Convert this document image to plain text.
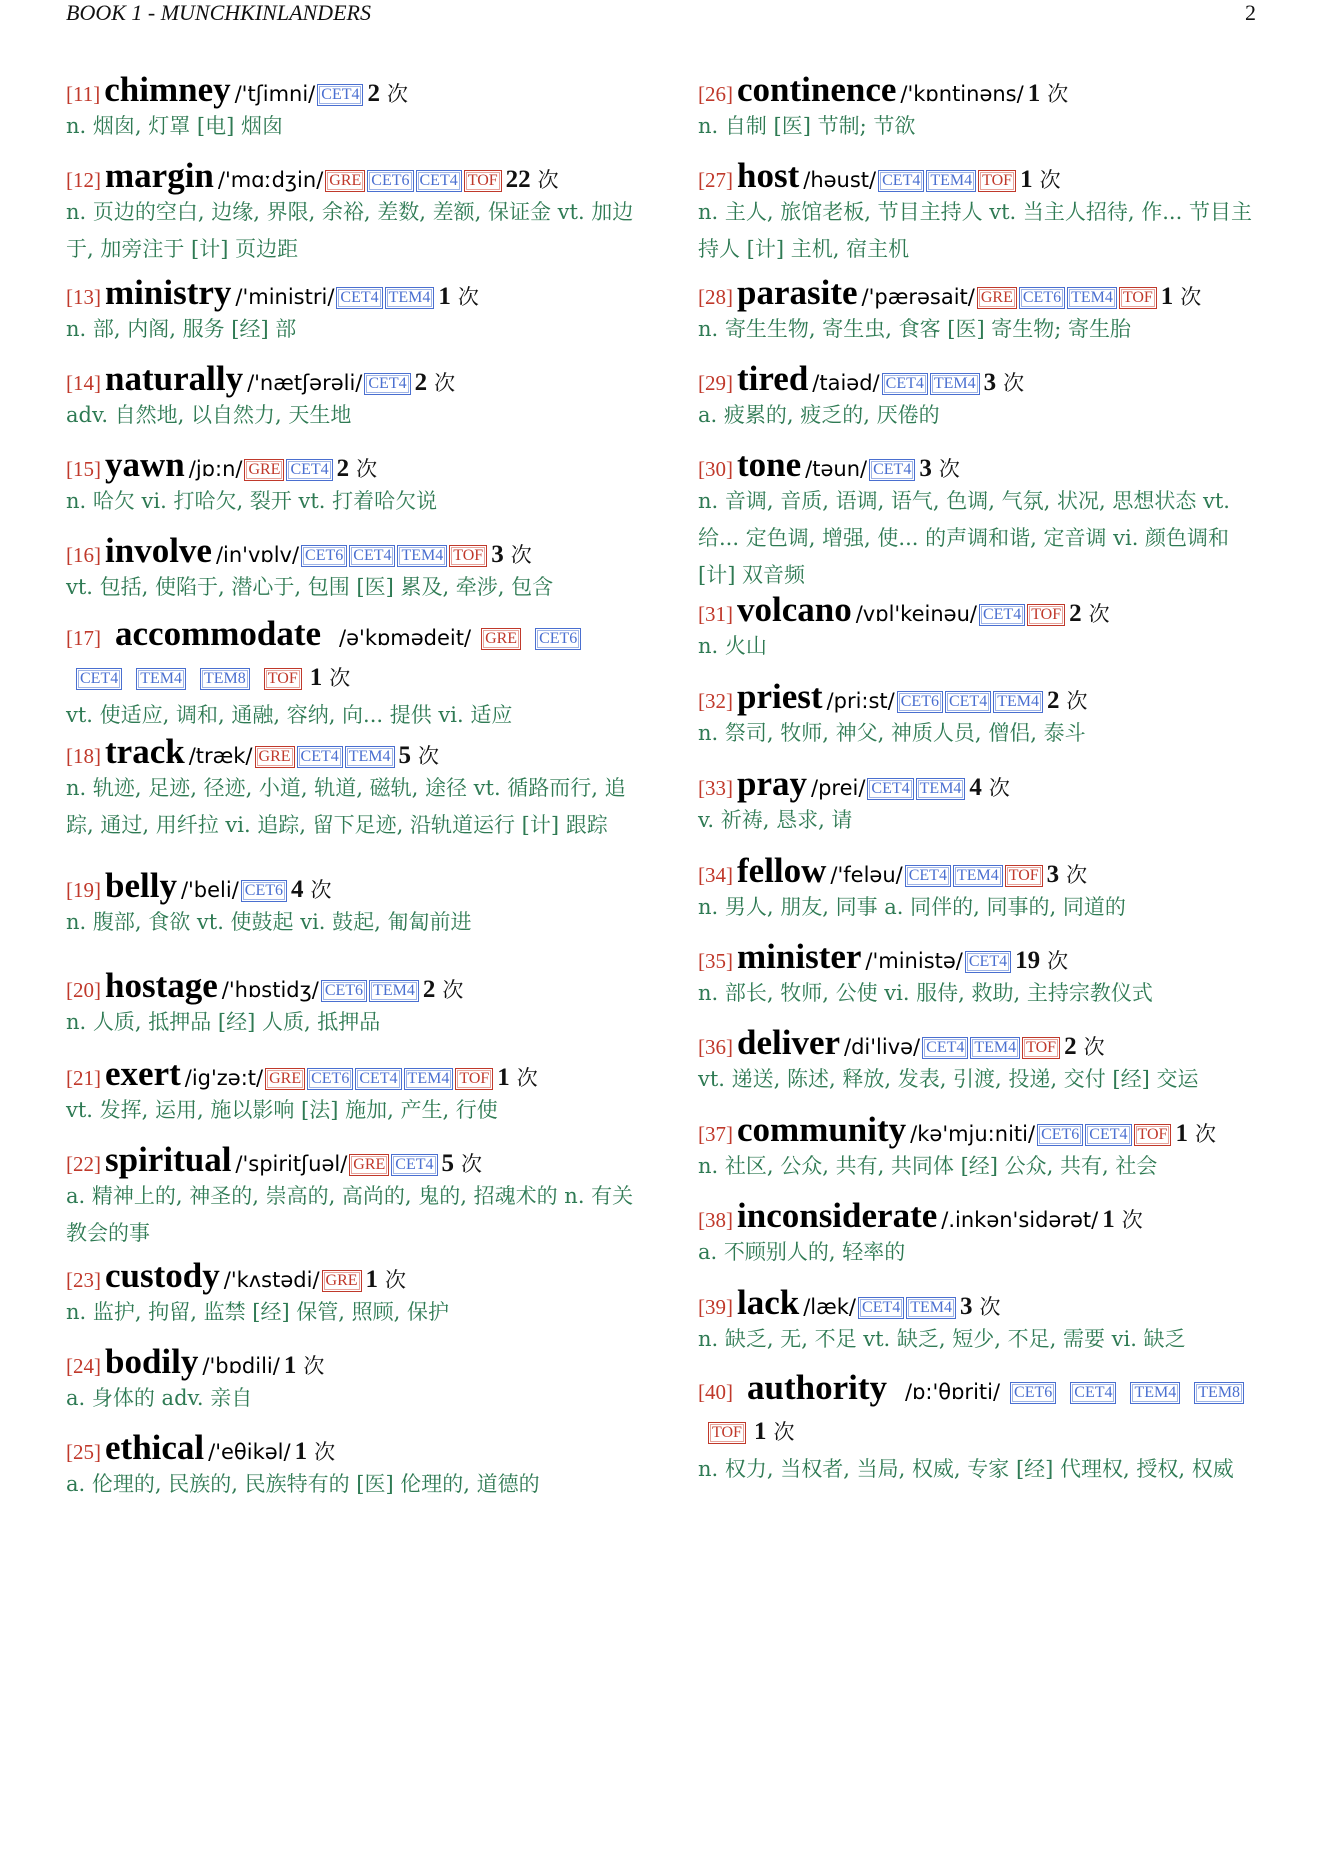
BOOK 1 - MUNCHKINLANDERS	2
[11] chimney /'tʃimni/ CET4 2 次
n. 烟囱, 灯罩 [电] 烟囱
[12] margin /'mɑːdʒin/ GRE CET6 CET4 TOF 22 次
n. 页边的空白, 边缘, 界限, 余裕, 差数, 差额, 保证金 vt. 加边于, 加旁注于 [计] 页边距
[13] ministry /'ministri/ CET4 TEM4 1 次
n. 部, 内阁, 服务 [经] 部
[14] naturally /'nætʃərəli/ CET4 2 次
adv. 自然地, 以自然力, 天生地
[15] yawn /jɒ:n/ GRE CET4 2 次
n. 哈欠 vi. 打哈欠, 裂开 vt. 打着哈欠说
[16] involve /in'vɒlv/ CET6 CET4 TEM4 TOF 3 次
vt. 包括, 使陷于, 潜心于, 包围 [医] 累及, 牵涉, 包含
[17] accommodate /ə'kɒmədeit/ GRE CET6CET4 TEM4 TEM8 TOF 1 次
vt. 使适应, 调和, 通融, 容纳, 向... 提供 vi. 适应
[18] track /træk/ GRE CET4 TEM4 5 次
n. 轨迹, 足迹, 径迹, 小道, 轨道, 磁轨, 途径 vt. 循路而行, 追踪, 通过, 用纤拉 vi. 追踪, 留下足迹, 沿轨道运行 [计] 跟踪
[19] belly /'beli/ CET6 4 次
n. 腹部, 食欲 vt. 使鼓起 vi. 鼓起, 匍匐前进
[20] hostage /'hɒstidʒ/ CET6 TEM4 2 次
n. 人质, 抵押品 [经] 人质, 抵押品
[21] exert /ig'zə:t/ GRE CET6 CET4 TEM4 TOF 1 次
vt. 发挥, 运用, 施以影响 [法] 施加, 产生, 行使
[22] spiritual /'spiritʃuəl/ GRE CET4 5 次
a. 精神上的, 神圣的, 崇高的, 高尚的, 鬼的, 招魂术的 n. 有关教会的事
[23] custody /'kʌstədi/ GRE 1 次
n. 监护, 拘留, 监禁 [经] 保管, 照顾, 保护
[24] bodily /'bɒdili/ 1 次
a. 身体的 adv. 亲自
[25] ethical /'eθikəl/ 1 次
a. 伦理的, 民族的, 民族特有的 [医] 伦理的, 道德的
[26] continence /'kɒntinəns/ 1 次
n. 自制 [医] 节制; 节欲
[27] host /həust/ CET4 TEM4 TOF 1 次
n. 主人, 旅馆老板, 节目主持人 vt. 当主人招待, 作... 节目主持人 [计] 主机, 宿主机
[28] parasite /'pærəsait/ GRE CET6 TEM4 TOF 1 次
n. 寄生生物, 寄生虫, 食客 [医] 寄生物; 寄生胎
[29] tired /taiəd/ CET4 TEM4 3 次
a. 疲累的, 疲乏的, 厌倦的
[30] tone /təun/ CET4 3 次
n. 音调, 音质, 语调, 语气, 色调, 气氛, 状况, 思想状态 vt. 给... 定色调, 增强, 使... 的声调和谐, 定音调 vi. 颜色调和 [计] 双音频
[31] volcano /vɒl'keinəu/ CET4 TOF 2 次
n. 火山
[32] priest /pri:st/ CET6 CET4 TEM4 2 次
n. 祭司, 牧师, 神父, 神质人员, 僧侣, 泰斗
[33] pray /prei/ CET4 TEM4 4 次
v. 祈祷, 恳求, 请
[34] fellow /'feləu/ CET4 TEM4 TOF 3 次
n. 男人, 朋友, 同事 a. 同伴的, 同事的, 同道的
[35] minister /'ministə/ CET4 19 次
n. 部长, 牧师, 公使 vi. 服侍, 救助, 主持宗教仪式
[36] deliver /di'livə/ CET4 TEM4 TOF 2 次
vt. 递送, 陈述, 释放, 发表, 引渡, 投递, 交付 [经] 交运
[37] community /kə'mju:niti/ CET6 CET4 TOF 1 次
n. 社区, 公众, 共有, 共同体 [经] 公众, 共有, 社会
[38] inconsiderate /.inkən'sidərət/ 1 次
a. 不顾别人的, 轻率的
[39] lack /læk/ CET4 TEM4 3 次
n. 缺乏, 无, 不足 vt. 缺乏, 短少, 不足, 需要 vi. 缺乏
[40] authority /ɒ:'θɒriti/ CET6 CET4 TEM4 TEM8TOF 1 次
n. 权力, 当权者, 当局, 权威, 专家 [经] 代理权, 授权, 权威
